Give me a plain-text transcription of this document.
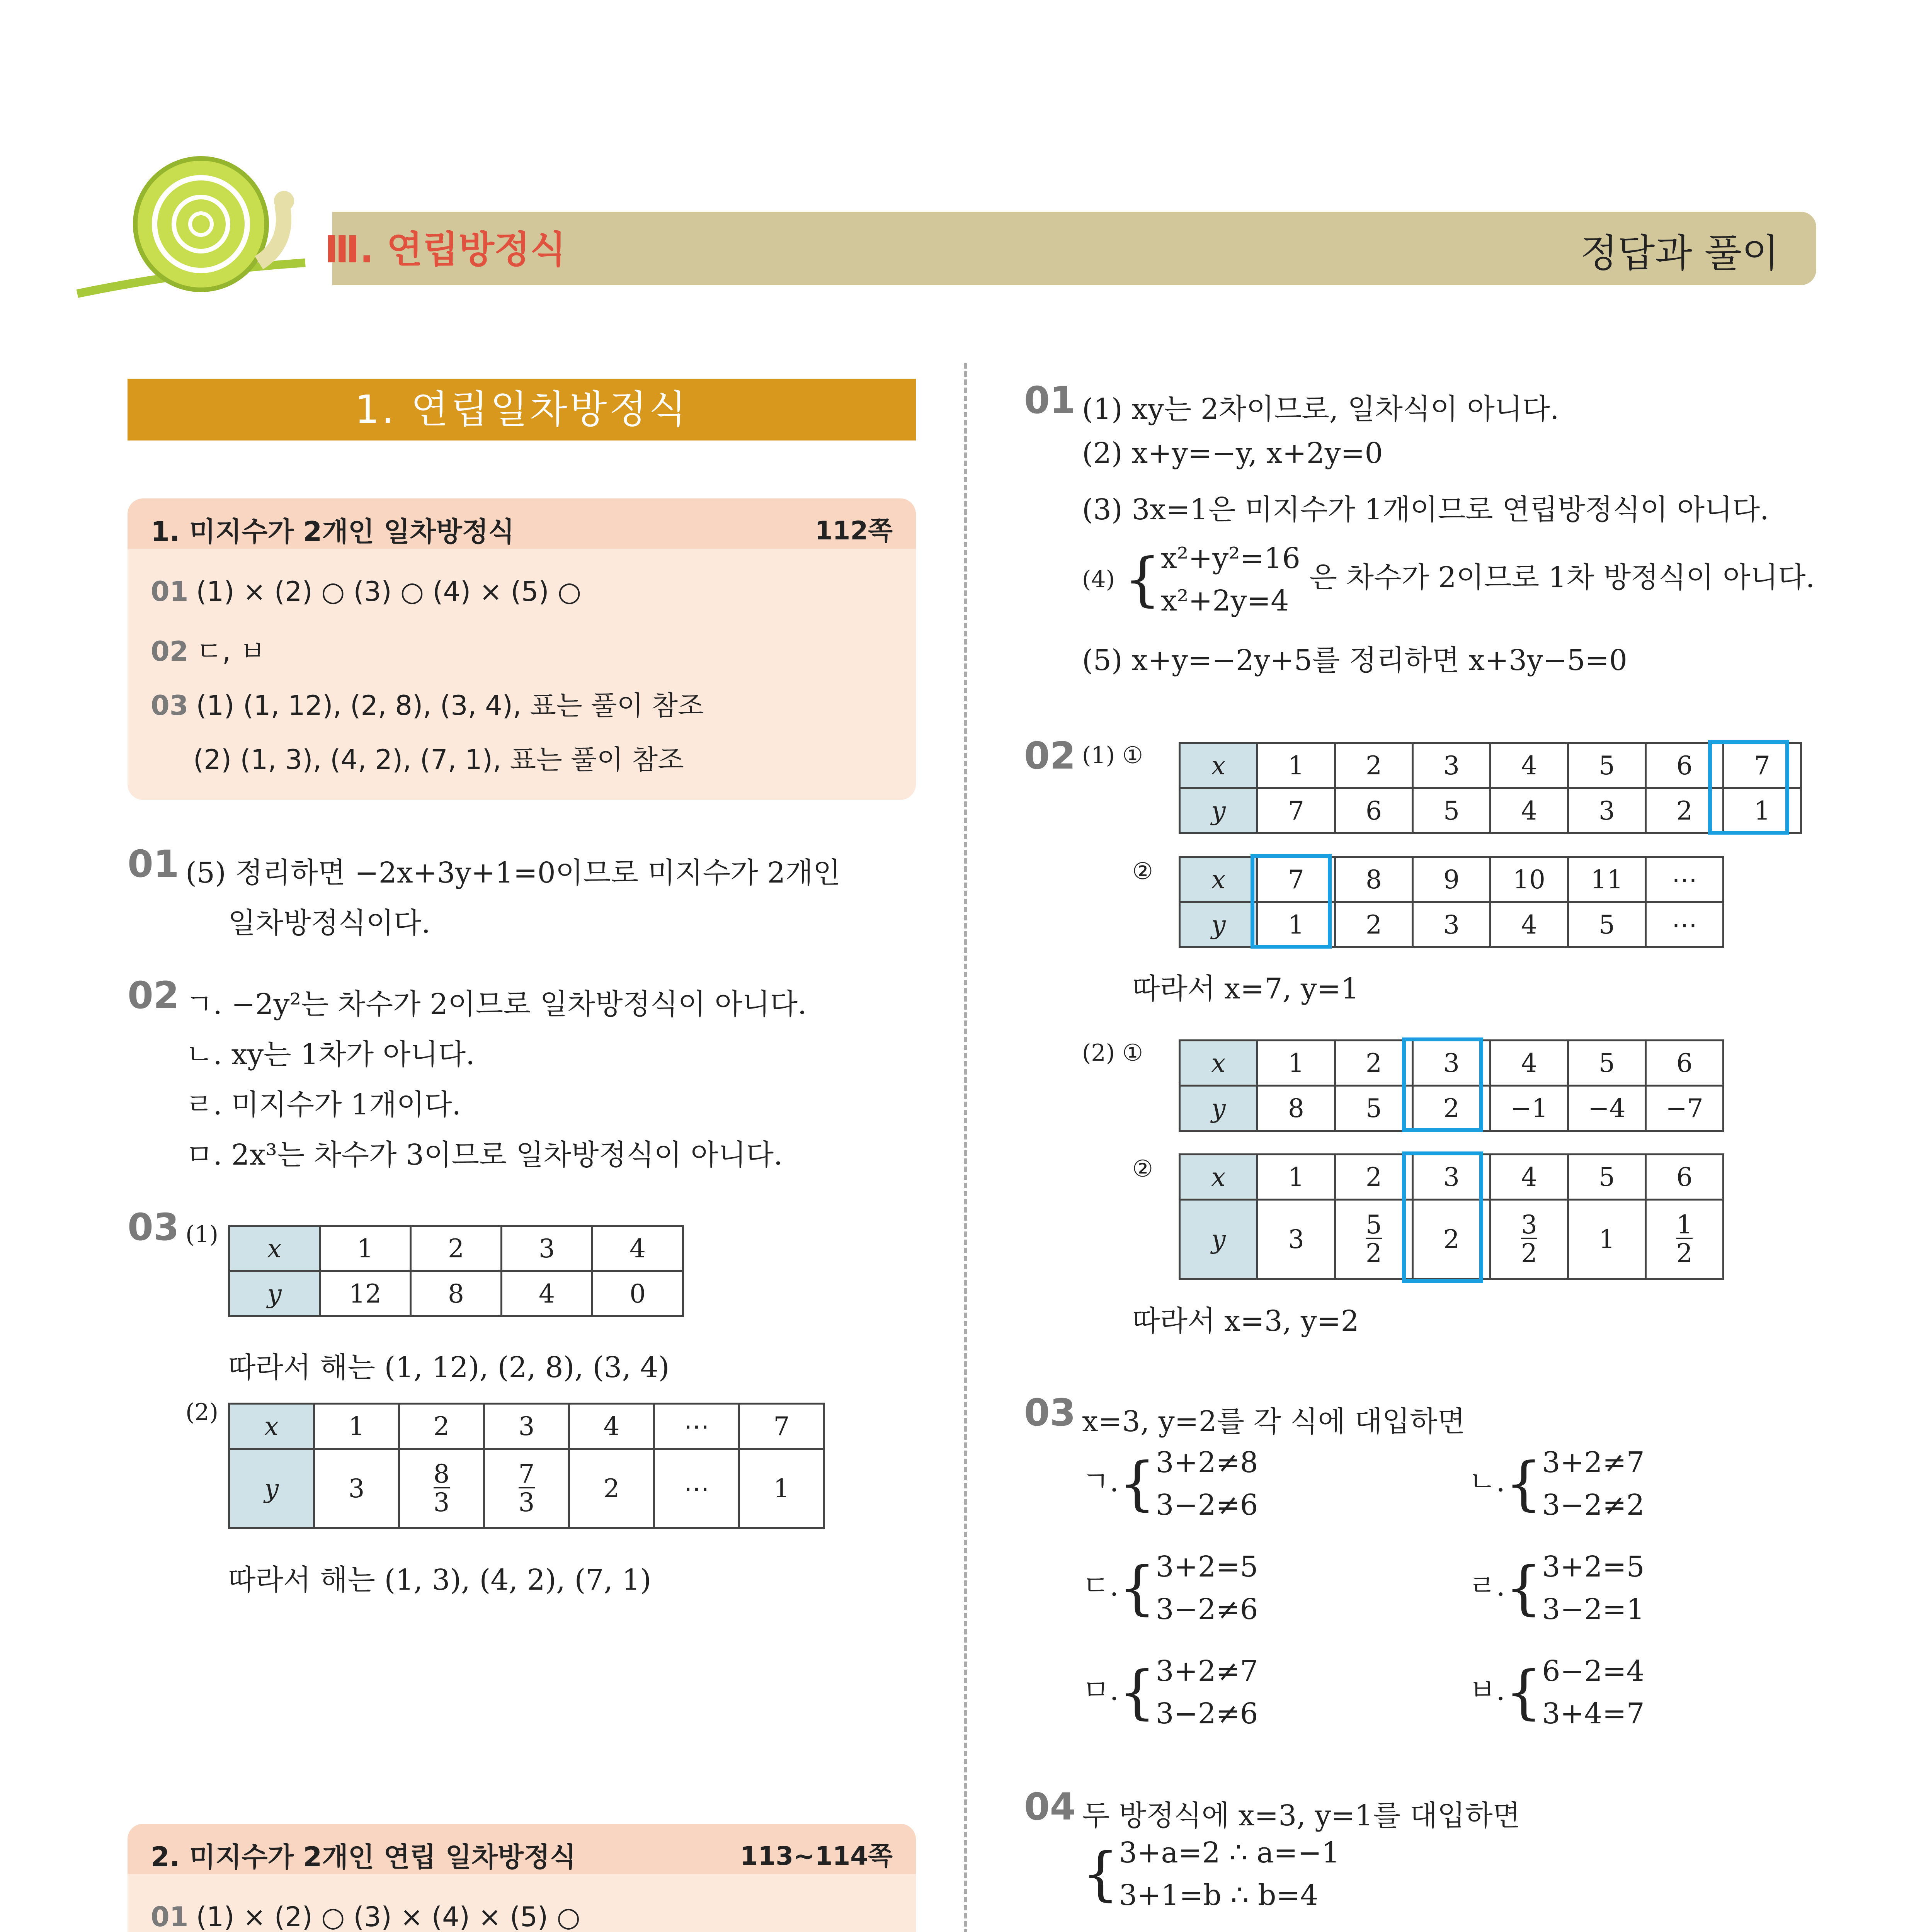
Ⅲ. 연립방정식	정답과 풀이
1. 연립일차방정식
1. 미지수가 2개인 일차방정식	112쪽
01 (1) × (2) ○ (3) ○ (4) × (5) ○
02 ㄷ, ㅂ
03 (1) (1, 12), (2, 8), (3, 4), 표는 풀이 참조
(2) (1, 3), (4, 2), (7, 1), 표는 풀이 참조
01 (5) 정리하면 −2x+3y+1=0이므로 미지수가 2개인
일차방정식이다.
02 ㄱ. −2y²는 차수가 2이므로 일차방정식이 아니다.
ㄴ. xy는 1차가 아니다.
ㄹ. 미지수가 1개이다.
ㅁ. 2x³는 차수가 3이므로 일차방정식이 아니다.
03 (1) x	1	2	3	4
y	12	8	4	0
따라서 해는 (1, 12), (2, 8), (3, 4)
(2) x	1	2	3	4	⋯	7
y	3	$\frac{8}{3}$	$\frac{7}{3}$	2	⋯	1
따라서 해는 (1, 3), (4, 2), (7, 1)
2. 미지수가 2개인 연립 일차방정식	113~114쪽
01 (1) × (2) ○ (3) × (4) × (5) ○

01 (1) xy는 2차이므로, 일차식이 아니다.
(2) x+y=−y, x+2y=0
(3) 3x=1은 미지수가 1개이므로 연립방정식이 아니다.
(4) {x²+y²=16
x²+2y=4 은 차수가 2이므로 1차 방정식이 아니다.
(5) x+y=−2y+5를 정리하면 x+3y−5=0
02 (1) ①	x	1	2	3	4	5	6	7
y	7	6	5	4	3	2	1
② x	7	8	9	10	11	⋯
y	1	2	3	4	5	⋯
따라서 x=7, y=1
(2) ①	x	1	2	3	4	5	6
y	8	5	2	−1	−4	−7
② x	1	2	3	4	5	6
y	3	$\frac{5}{2}$	2	$\frac{3}{2}$	1	$\frac{1}{2}$
따라서 x=3, y=2
03 x=3, y=2를 각 식에 대입하면
ㄱ.{3+2≠8
3−2≠6
ㄴ.{3+2≠7
3−2≠2
ㄷ.{3+2=5
3−2≠6
ㄹ.{3+2=5
3−2=1
ㅁ.{3+2≠7
3−2≠6
ㅂ.{6−2=4
3+4=7
04 두 방정식에 x=3, y=1를 대입하면
{3+a=2 ∴ a=−1
3+1=b ∴ b=4
